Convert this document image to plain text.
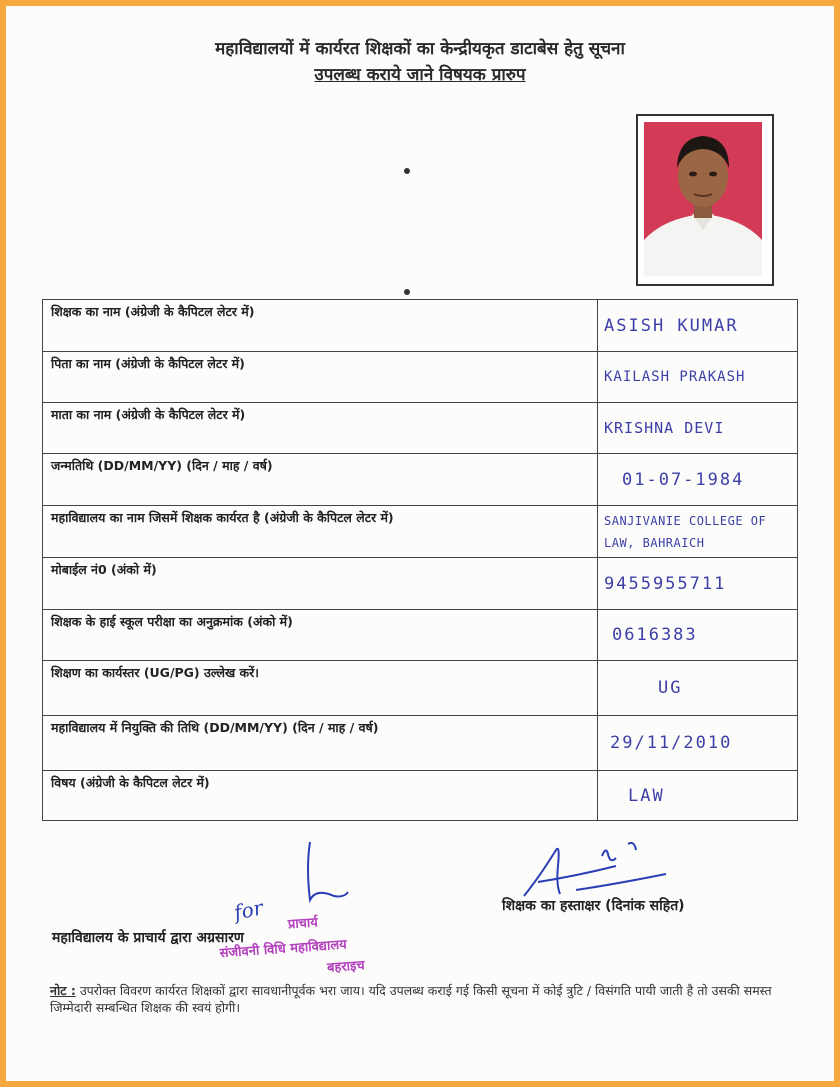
महाविद्यालयों में कार्यरत शिक्षकों का केन्द्रीयकृत डाटाबेस हेतु सूचना
उपलब्ध कराये जाने विषयक प्रारुप
शिक्षक का नाम (अंग्रेजी के कैपिटल लेटर में)	ASISH KUMAR
पिता का नाम (अंग्रेजी के कैपिटल लेटर में)	KAILASH PRAKASH
माता का नाम (अंग्रेजी के कैपिटल लेटर में)	KRISHNA DEVI
जन्मतिथि (DD/MM/YY) (दिन / माह / वर्ष)	01-07-1984
महाविद्यालय का नाम जिसमें शिक्षक कार्यरत है (अंग्रेजी के कैपिटल लेटर में)	SANJIVANIE COLLEGE OF LAW, BAHRAICH
मोबाईल नं0 (अंको में)	9455955711
शिक्षक के हाई स्कूल परीक्षा का अनुक्रमांक (अंको में)	0616383
शिक्षण का कार्यस्तर (UG/PG) उल्लेख करें।	UG
महाविद्यालय में नियुक्ति की तिथि (DD/MM/YY) (दिन / माह / वर्ष)	29/11/2010
विषय (अंग्रेजी के कैपिटल लेटर में)	LAW
शिक्षक का हस्ताक्षर (दिनांक सहित)
for प्राचार्य
संजीवनी विधि महाविद्यालय
बहराइच
महाविद्यालय के प्राचार्य द्वारा अग्रसारण
नोट : उपरोक्त विवरण कार्यरत शिक्षकों द्वारा सावधानीपूर्वक भरा जाय। यदि उपलब्ध कराई गई किसी सूचना में कोई त्रुटि / विसंगति पायी जाती है तो उसकी समस्त जिम्मेदारी सम्बन्धित शिक्षक की स्वयं होगी।
